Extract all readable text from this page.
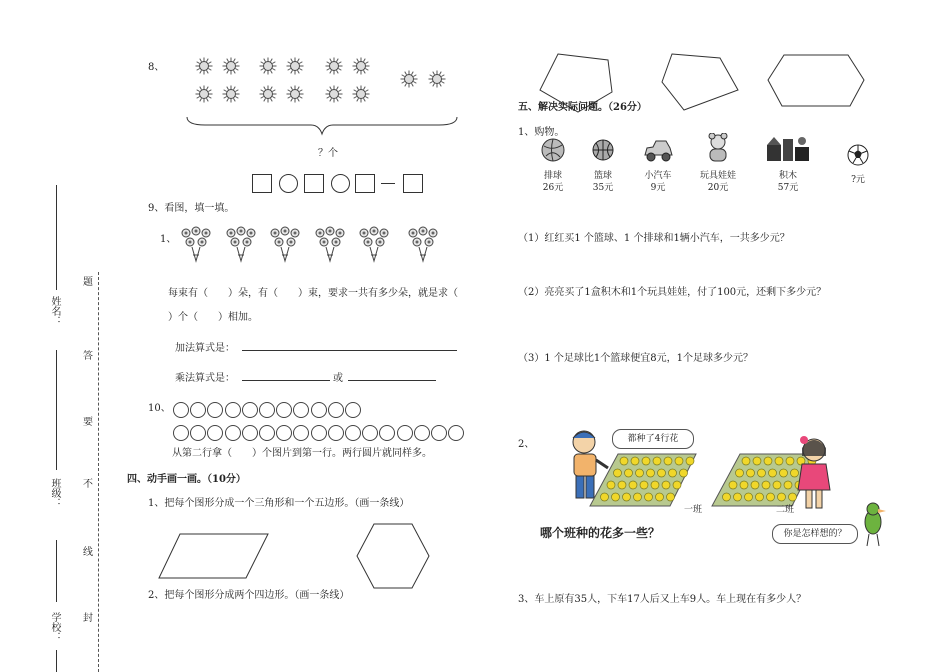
姓名：
班级：
学校：
题
答
要
不
线
封
8、
？个
9、看图，填一填。
1、
每束有（　　）朵，有（　　）束，要求一共有多少朵，就是求（
）个（　　）相加。
加法算式是：
乘法算式是：	或
10、
从第二行拿（　　）个图片到第一行。两行圆片就同样多。
四、动手画一画。（10分）
1、把每个图形分成一个三角形和一个五边形。（画一条线）
2、把每个图形分成两个四边形。（画一条线）
五、解决实际问题。（26分）
1、购物。
排球
26元
篮球
35元
小汽车
9元
玩具娃娃
20元
积木
57元
?元
（1）红红买1 个篮球、1 个排球和1辆小汽车，一共多少元？
（2）亮亮买了1盒积木和1个玩具娃娃，付了100元，还剩下多少元？
（3）1 个足球比1个篮球便宜8元，1个足球多少元？
2、	都种了4行花
一班	二班
哪个班种的花多一些？	你是怎样想的？
3、车上原有35人，下车17人后又上车9人。车上现在有多少人？
